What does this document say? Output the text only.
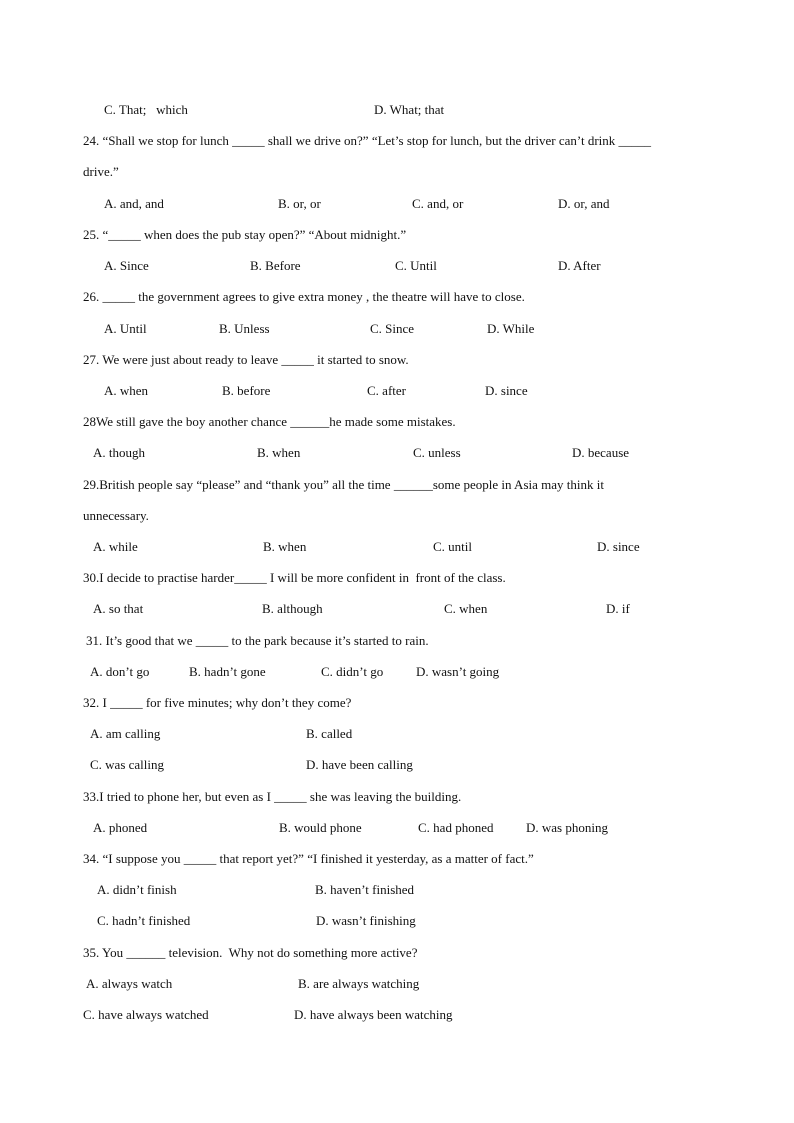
C. That;   which	D. What; that
24. “Shall we stop for lunch _____ shall we drive on?” “Let’s stop for lunch, but the driver can’t drink _____
drive.”
A. and, and	B. or, or	C. and, or	D. or, and
25. “_____ when does the pub stay open?” “About midnight.”
A. Since	B. Before	C. Until	D. After
26. _____ the government agrees to give extra money , the theatre will have to close.
A. Until	B. Unless	C. Since	D. While
27. We were just about ready to leave _____ it started to snow.
A. when	B. before	C. after	D. since
28We still gave the boy another chance ______he made some mistakes.
A. though	B. when	C. unless	D. because
29.British people say “please” and “thank you” all the time ______some people in Asia may think it
unnecessary.
A. while	B. when	C. until	D. since
30.I decide to practise harder_____ I will be more confident in  front of the class.
A. so that	B. although	C. when	D. if
31. It’s good that we _____ to the park because it’s started to rain.
A. don’t go	B. hadn’t gone	C. didn’t go	D. wasn’t going
32. I _____ for five minutes; why don’t they come?
A. am calling	B. called
C. was calling	D. have been calling
33.I tried to phone her, but even as I _____ she was leaving the building.
A. phoned	B. would phone	C. had phoned	D. was phoning
34. “I suppose you _____ that report yet?” “I finished it yesterday, as a matter of fact.”
A. didn’t finish	B. haven’t finished
C. hadn’t finished	D. wasn’t finishing
35. You ______ television.  Why not do something more active?
A. always watch	B. are always watching
C. have always watched	D. have always been watching
